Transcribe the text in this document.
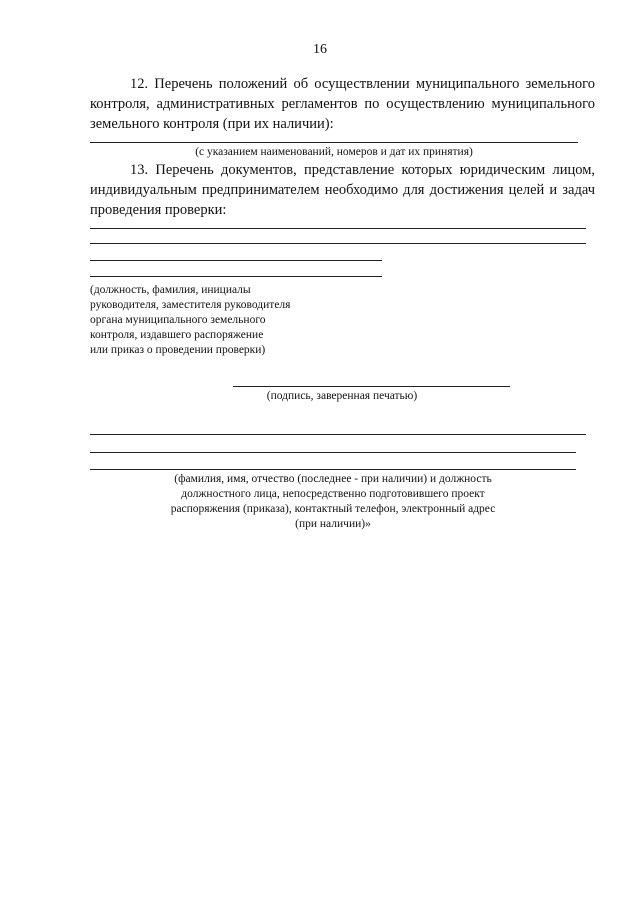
16
12. Перечень положений об осуществлении муниципального земельного контроля, административных регламентов по осуществлению муниципального земельного контроля (при их наличии):
(с указанием наименований, номеров и дат их принятия)
13. Перечень документов, представление которых юридическим лицом, индивидуальным предпринимателем необходимо для достижения целей и задач проведения проверки:
(должность, фамилия, инициалы
руководителя, заместителя руководителя
органа муниципального земельного
контроля, издавшего распоряжение
или приказ о проведении проверки)
(подпись, заверенная печатью)
(фамилия, имя, отчество (последнее - при наличии) и должность
должностного лица, непосредственно подготовившего проект
распоряжения (приказа), контактный телефон, электронный адрес
(при наличии)»
